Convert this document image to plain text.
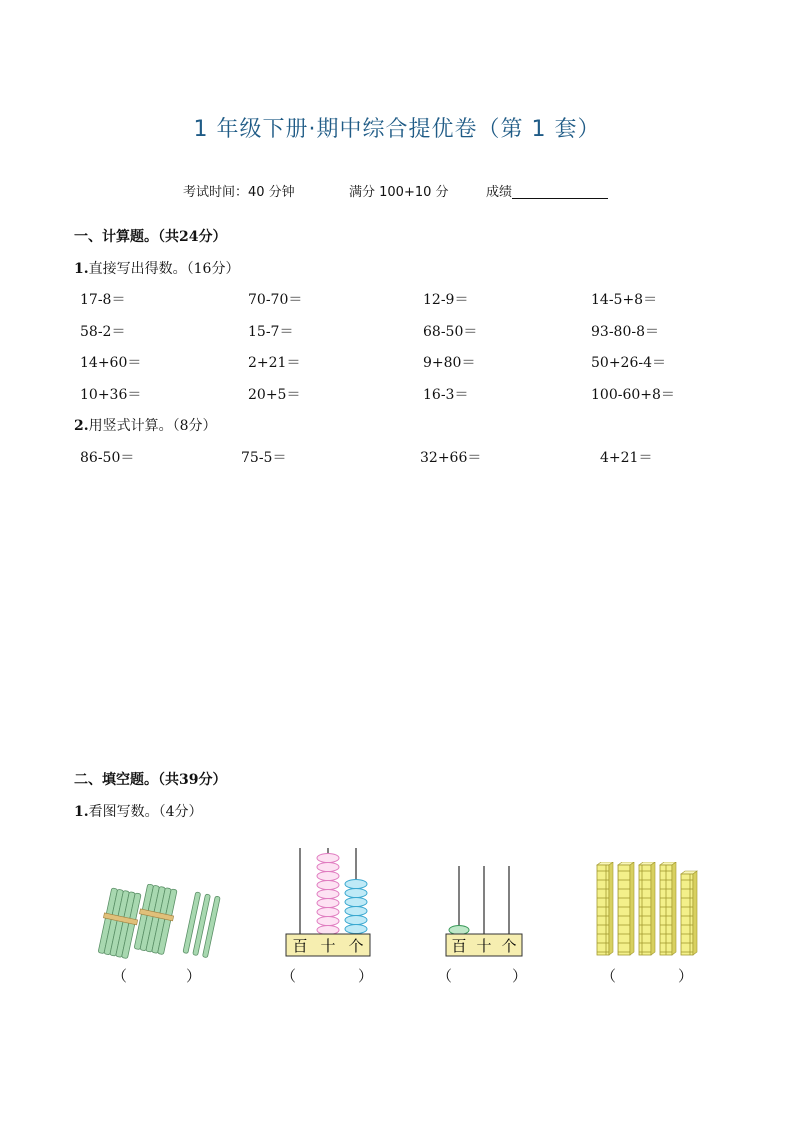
1 年级下册·期中综合提优卷（第 1 套）
考试时间：40 分钟	满分 100+10 分	成绩
一、计算题。（共24分）
1.直接写出得数。（16分）
17-8＝	70-70＝	12-9＝	14-5+8＝
58-2＝	15-7＝	68-50＝	93-80-8＝
14+60＝	2+21＝	9+80＝	50+26-4＝
10+36＝	20+5＝	16-3＝	100-60+8＝
2.用竖式计算。（8分）
86-50＝	75-5＝	32+66＝	4+21＝
二、填空题。（共39分）
1.看图写数。（4分）
百 十 个	百 十 个
（	）	（	）	（	）	（	）
